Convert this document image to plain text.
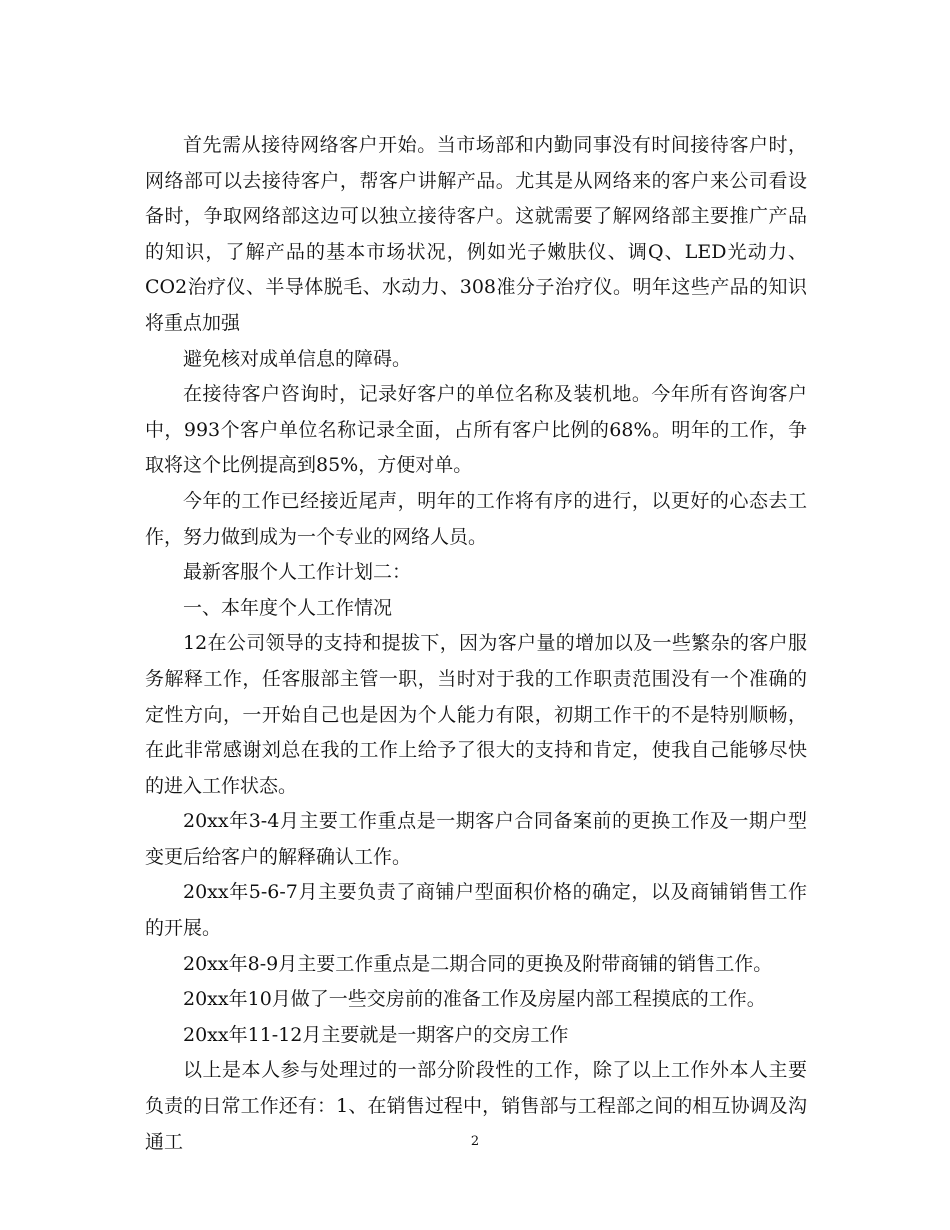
首先需从接待网络客户开始。当市场部和内勤同事没有时间接待客户时，网络部可以去接待客户，帮客户讲解产品。尤其是从网络来的客户来公司看设备时，争取网络部这边可以独立接待客户。这就需要了解网络部主要推广产品的知识，了解产品的基本市场状况，例如光子嫩肤仪、调Q、LED光动力、CO2治疗仪、半导体脱毛、水动力、308准分子治疗仪。明年这些产品的知识将重点加强

避免核对成单信息的障碍。

在接待客户咨询时，记录好客户的单位名称及装机地。今年所有咨询客户中，993个客户单位名称记录全面，占所有客户比例的68%。明年的工作，争取将这个比例提高到85%，方便对单。

今年的工作已经接近尾声，明年的工作将有序的进行，以更好的心态去工作，努力做到成为一个专业的网络人员。

最新客服个人工作计划二：

一、本年度个人工作情况

12在公司领导的支持和提拔下，因为客户量的增加以及一些繁杂的客户服务解释工作，任客服部主管一职，当时对于我的工作职责范围没有一个准确的定性方向，一开始自己也是因为个人能力有限，初期工作干的不是特别顺畅，在此非常感谢刘总在我的工作上给予了很大的支持和肯定，使我自己能够尽快的进入工作状态。

20xx年3-4月主要工作重点是一期客户合同备案前的更换工作及一期户型变更后给客户的解释确认工作。

20xx年5-6-7月主要负责了商铺户型面积价格的确定，以及商铺销售工作的开展。

20xx年8-9月主要工作重点是二期合同的更换及附带商铺的销售工作。

20xx年10月做了一些交房前的准备工作及房屋内部工程摸底的工作。

20xx年11-12月主要就是一期客户的交房工作

以上是本人参与处理过的一部分阶段性的工作，除了以上工作外本人主要负责的日常工作还有：1、在销售过程中，销售部与工程部之间的相互协调及沟通工	2
